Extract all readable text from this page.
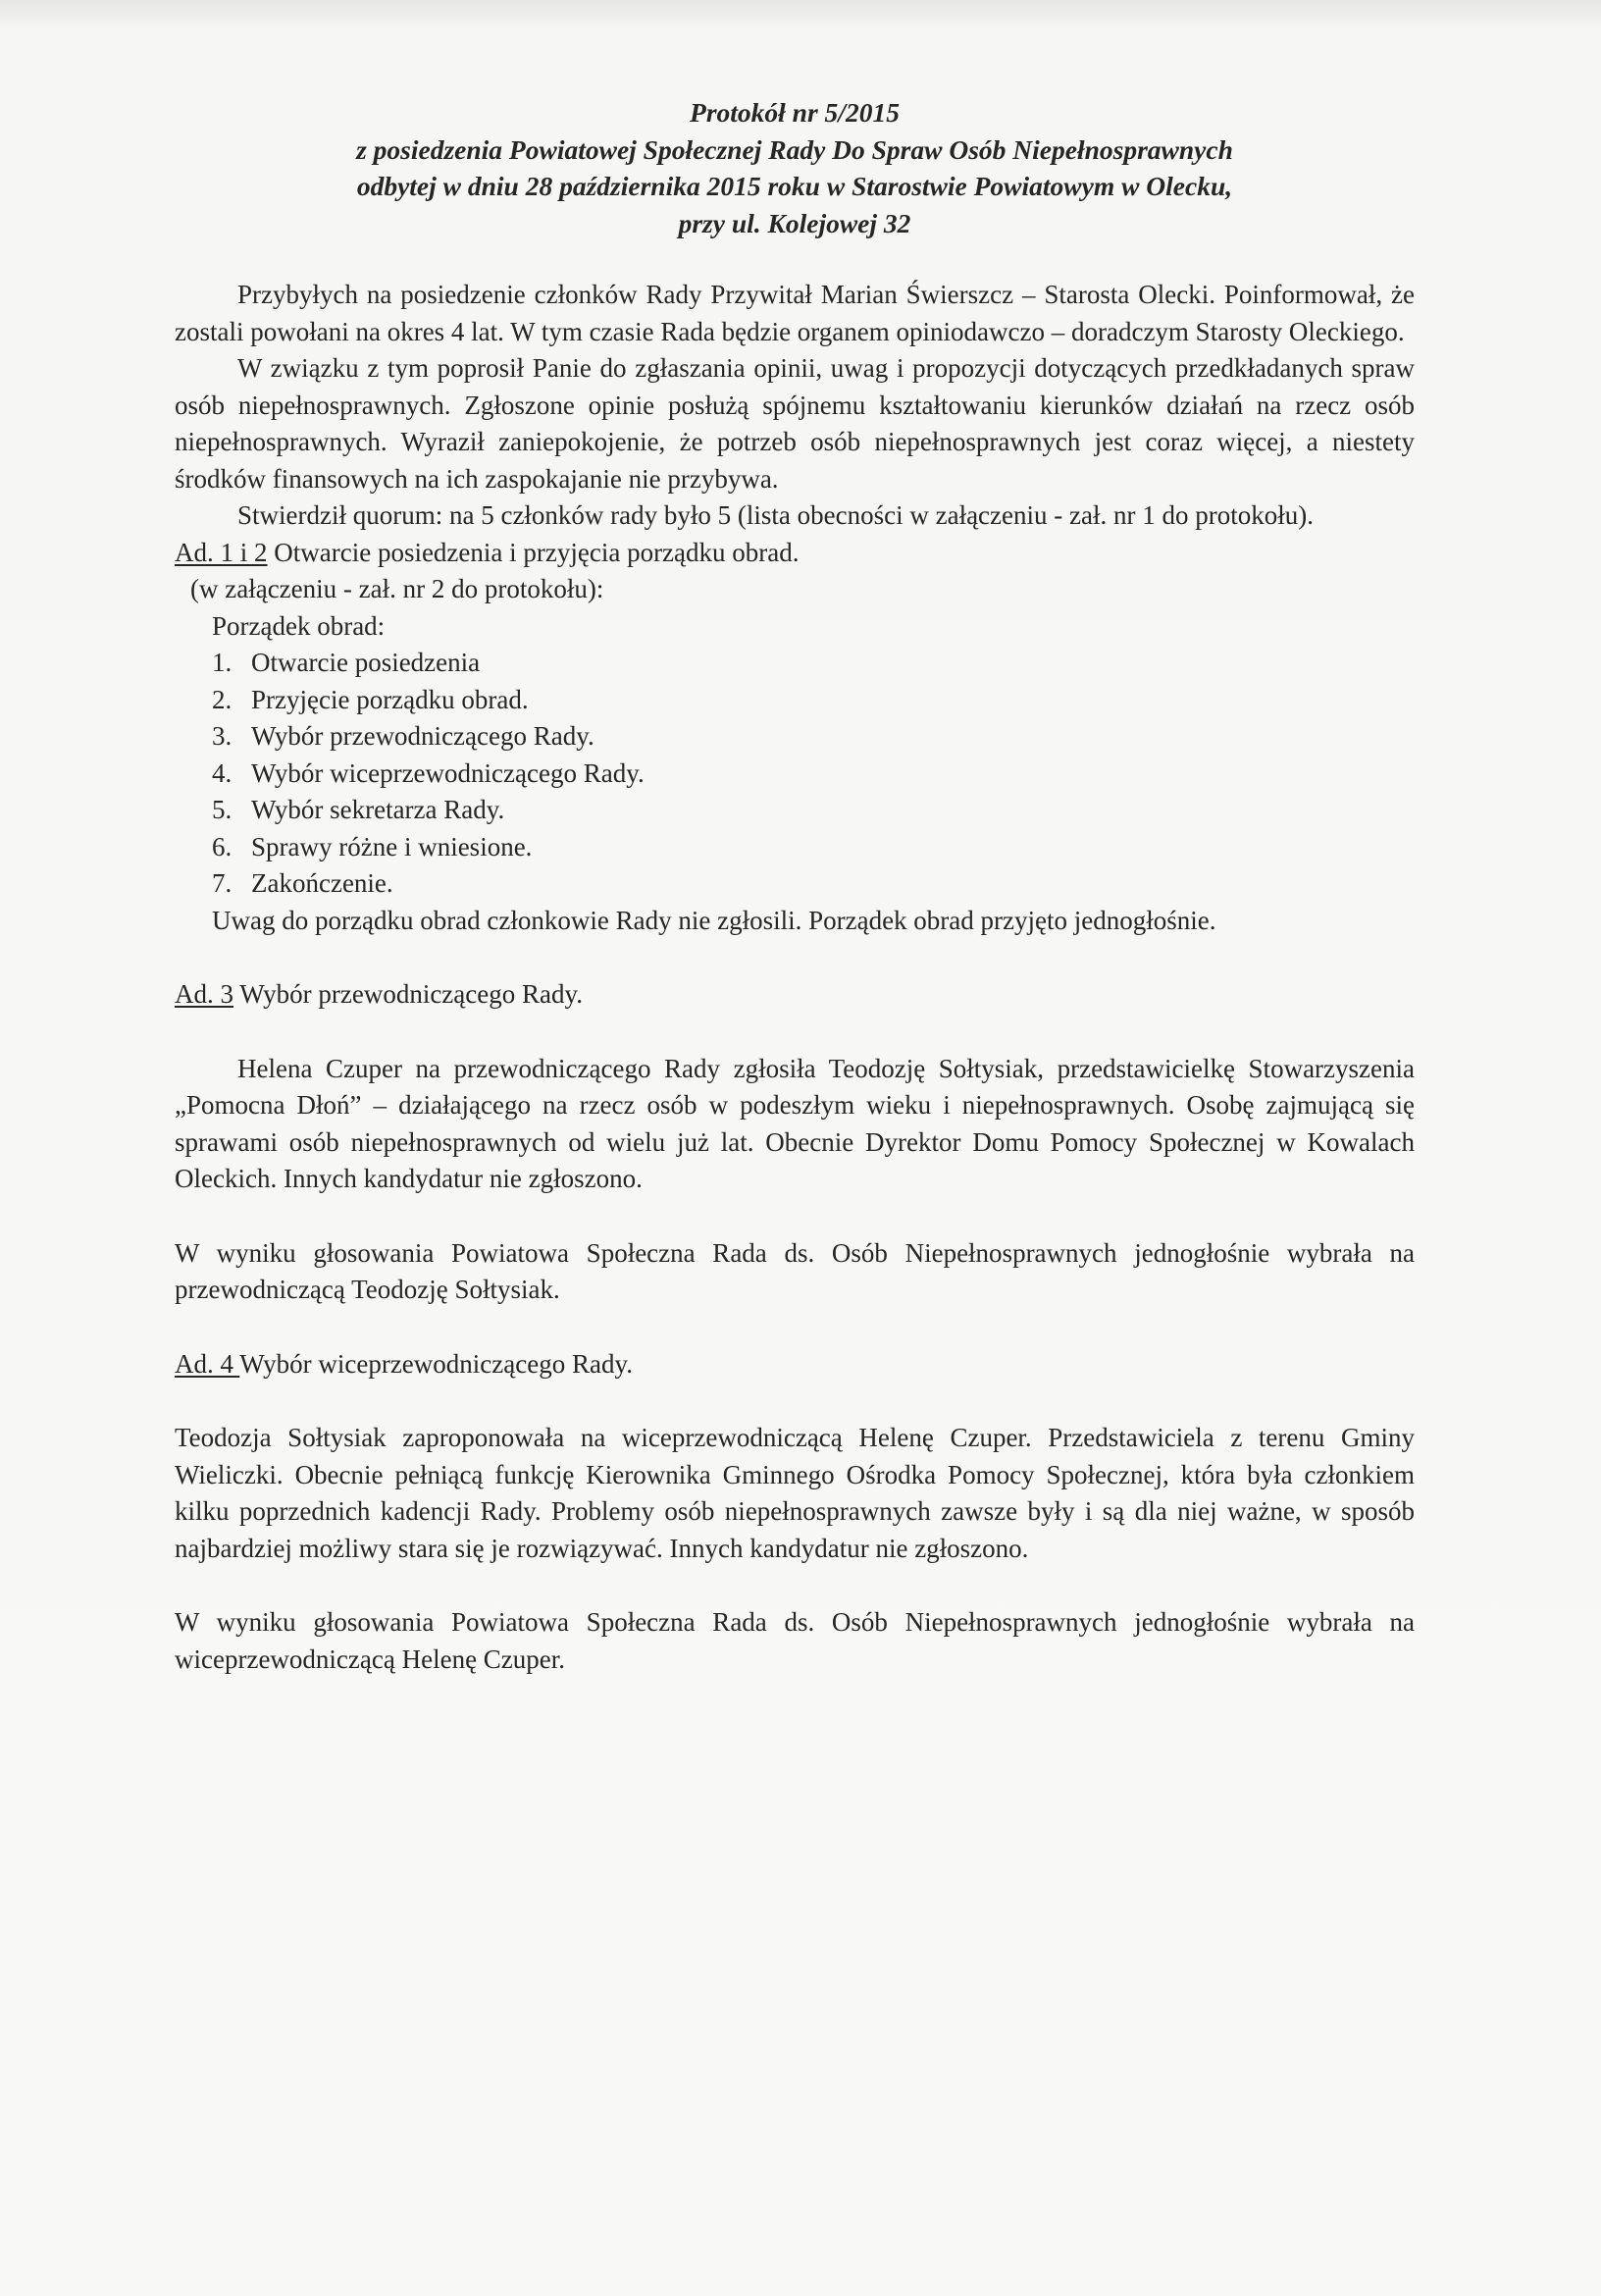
Protokół nr 5/2015
z posiedzenia Powiatowej Społecznej Rady Do Spraw Osób Niepełnosprawnych
odbytej w dniu 28 października 2015 roku w Starostwie Powiatowym w Olecku,
przy ul. Kolejowej 32

Przybyłych na posiedzenie członków Rady Przywitał Marian Świerszcz – Starosta Olecki. Poinformował, że zostali powołani na okres 4 lat. W tym czasie Rada będzie organem opiniodawczo – doradczym Starosty Oleckiego.

W związku z tym poprosił Panie do zgłaszania opinii, uwag i propozycji dotyczących przedkładanych spraw osób niepełnosprawnych. Zgłoszone opinie posłużą spójnemu kształtowaniu kierunków działań na rzecz osób niepełnosprawnych. Wyraził zaniepokojenie, że potrzeb osób niepełnosprawnych jest coraz więcej, a niestety środków finansowych na ich zaspokajanie nie przybywa.

Stwierdził quorum: na 5 członków rady było 5 (lista obecności w załączeniu - zał. nr 1 do protokołu).

Ad. 1 i 2 Otwarcie posiedzenia i przyjęcia porządku obrad.

(w załączeniu - zał. nr 2 do protokołu):

Porządek obrad:

1. Otwarcie posiedzenia
2. Przyjęcie porządku obrad.
3. Wybór przewodniczącego Rady.
4. Wybór wiceprzewodniczącego Rady.
5. Wybór sekretarza Rady.
6. Sprawy różne i wniesione.
7. Zakończenie.

Uwag do porządku obrad członkowie Rady nie zgłosili. Porządek obrad przyjęto jednogłośnie.

Ad. 3 Wybór przewodniczącego Rady.

Helena Czuper na przewodniczącego Rady zgłosiła Teodozję Sołtysiak, przedstawicielkę Stowarzyszenia „Pomocna Dłoń” – działającego na rzecz osób w podeszłym wieku i niepełnosprawnych. Osobę zajmującą się sprawami osób niepełnosprawnych od wielu już lat. Obecnie Dyrektor Domu Pomocy Społecznej w Kowalach Oleckich. Innych kandydatur nie zgłoszono.

W wyniku głosowania Powiatowa Społeczna Rada ds. Osób Niepełnosprawnych jednogłośnie wybrała na przewodniczącą Teodozję Sołtysiak.

Ad. 4 Wybór wiceprzewodniczącego Rady.

Teodozja Sołtysiak zaproponowała na wiceprzewodniczącą Helenę Czuper. Przedstawiciela z terenu Gminy Wieliczki. Obecnie pełniącą funkcję Kierownika Gminnego Ośrodka Pomocy Społecznej, która była członkiem kilku poprzednich kadencji Rady. Problemy osób niepełnosprawnych zawsze były i są dla niej ważne, w sposób najbardziej możliwy stara się je rozwiązywać. Innych kandydatur nie zgłoszono.

W wyniku głosowania Powiatowa Społeczna Rada ds. Osób Niepełnosprawnych jednogłośnie wybrała na wiceprzewodniczącą Helenę Czuper.
